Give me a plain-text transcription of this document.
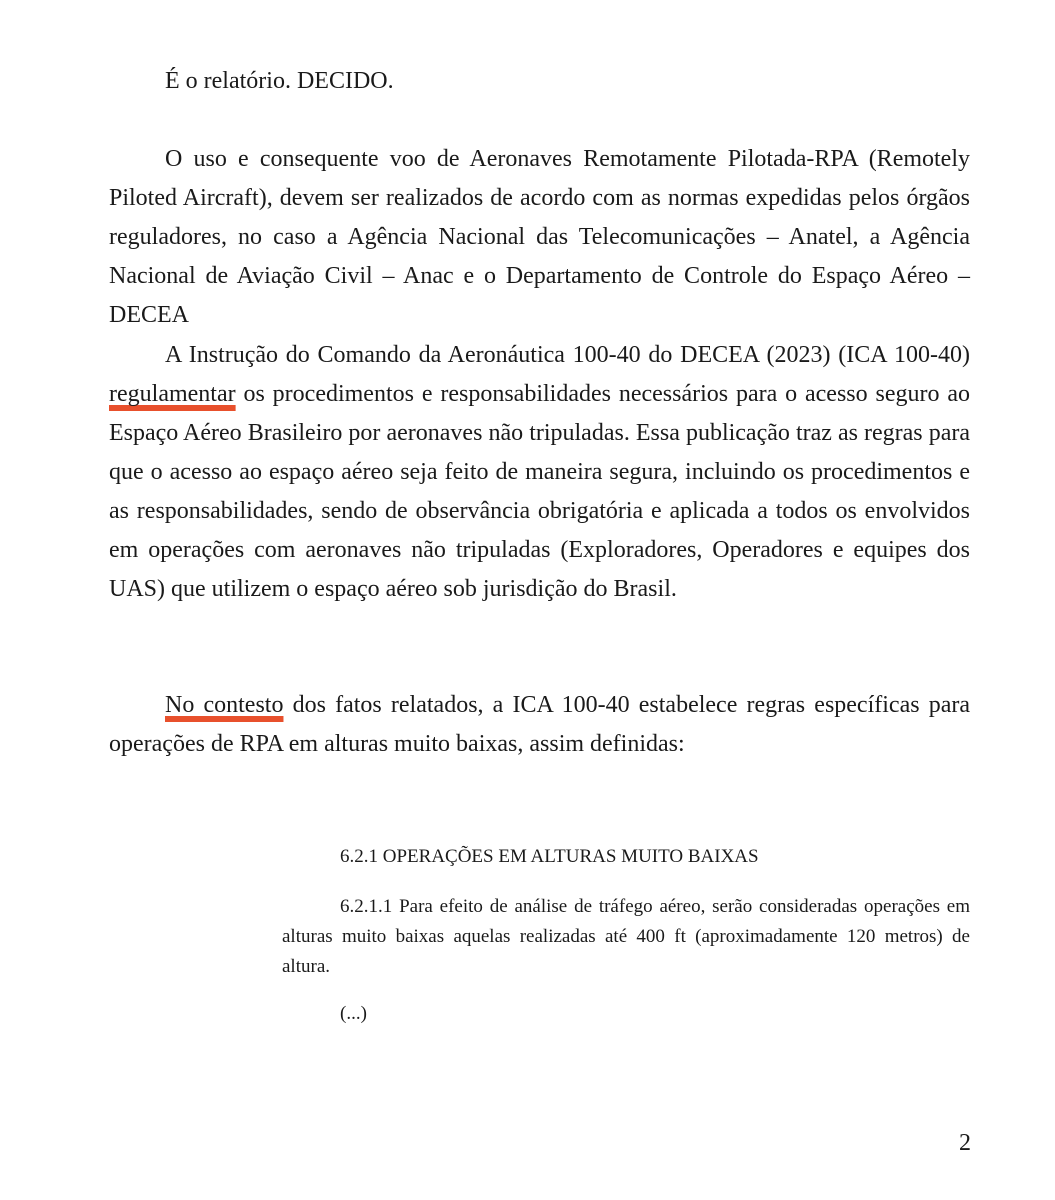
É o relatório. DECIDO.

O uso e consequente voo de Aeronaves Remotamente Pilotada-RPA (Remotely Piloted Aircraft), devem ser realizados de acordo com as normas expedidas pelos órgãos reguladores, no caso a Agência Nacional das Telecomunicações – Anatel, a Agência Nacional de Aviação Civil – Anac e o Departamento de Controle do Espaço Aéreo – DECEA

A Instrução do Comando da Aeronáutica 100-40 do DECEA (2023) (ICA 100-40) regulamentar os procedimentos e responsabilidades necessários para o acesso seguro ao Espaço Aéreo Brasileiro por aeronaves não tripuladas. Essa publicação traz as regras para que o acesso ao espaço aéreo seja feito de maneira segura, incluindo os procedimentos e as responsabilidades, sendo de observância obrigatória e aplicada a todos os envolvidos em operações com aeronaves não tripuladas (Exploradores, Operadores e equipes dos UAS) que utilizem o espaço aéreo sob jurisdição do Brasil.

No contesto dos fatos relatados, a ICA 100-40 estabelece regras específicas para operações de RPA em alturas muito baixas, assim definidas:

6.2.1 OPERAÇÕES EM ALTURAS MUITO BAIXAS

6.2.1.1 Para efeito de análise de tráfego aéreo, serão consideradas operações em alturas muito baixas aquelas realizadas até 400 ft (aproximadamente 120 metros) de altura.

(...)

2
